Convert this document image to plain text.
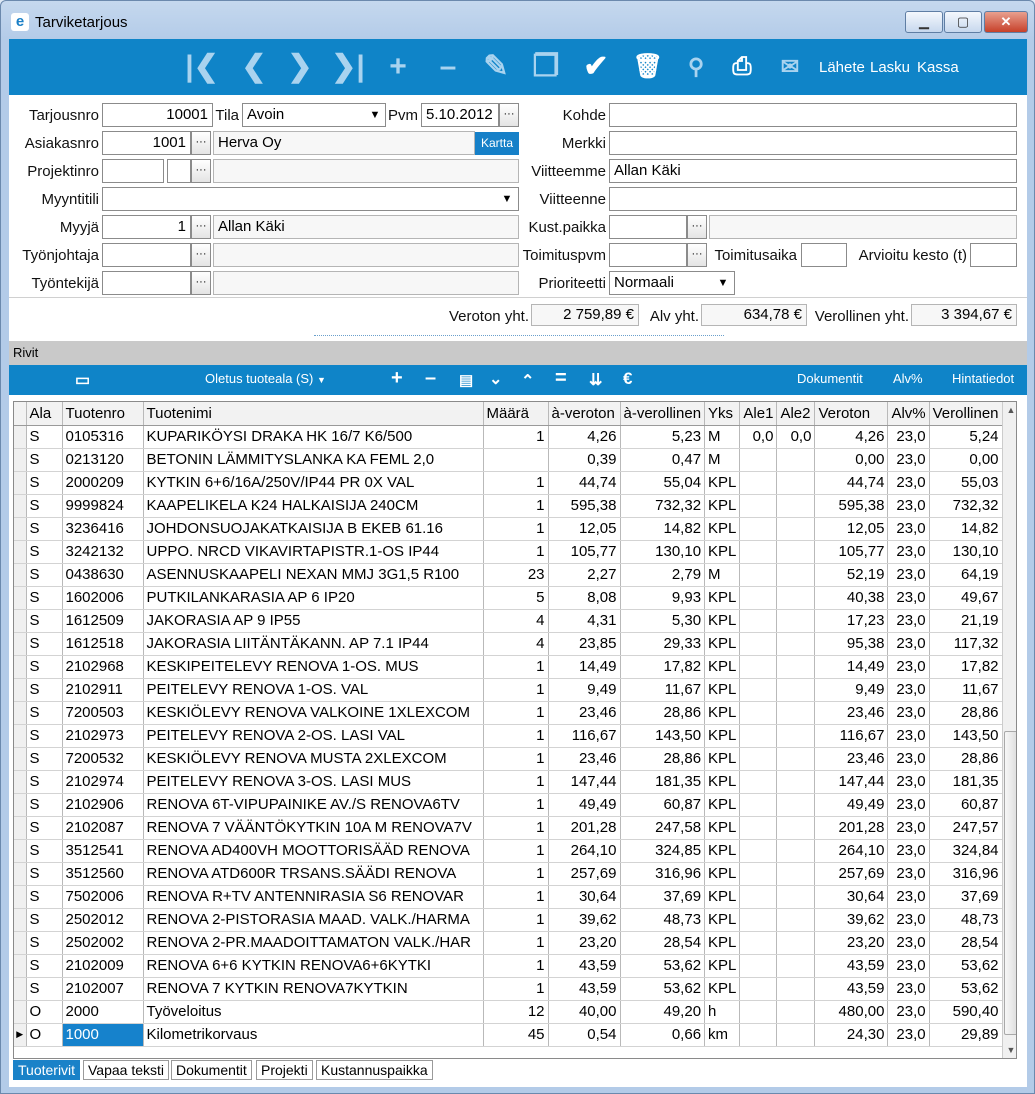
e Tarviketarjous	▁	▢	✕
|❮ ❮ ❯ ❯| + – ✎ ❐ ✔ 🗑	⚲	⎙	✉	Lähete Lasku Kassa
Tarjousnro	10001 Tila Avoin	▼ Pvm 5.10.2012 ···
Asiakasnro	1001 ··· Herva Oy	Kartta
Projektinro	···
Myyntitili	▼
Myyjä	1 ··· Allan Käki
Työnjohtaja	···
Työntekijä	···
Kohde
Merkki
Viitteemme Allan Käki
Viitteenne
Kust.paikka	···
Toimituspvm	··· Toimitusaika	Arvioitu kesto (t)
Prioriteetti Normaali	▼
Veroton yht.	2 759,89 €	Alv yht.	634,78 € Verollinen yht.	3 394,67 €
Rivit
▭	Oletus tuoteala (S) ▼	+ – ▤ ⌄ ⌃ = ⇊ €	Dokumentit Alv% Hintatiedot
	Ala	Tuotenro	Tuotenimi	Määrä	à-veroton	à-verollinen	Yks	Ale1	Ale2	Veroton	Alv%	Verollinen
	S	0105316	KUPARIKÖYSI DRAKA HK 16/7 K6/500	1	4,26	5,23	M	0,0	0,0	4,26	23,0	5,24
	S	0213120	BETONIN LÄMMITYSLANKA KA FEML 2,0		0,39	0,47	M			0,00	23,0	0,00
	S	2000209	KYTKIN 6+6/16A/250V/IP44 PR 0X VAL	1	44,74	55,04	KPL			44,74	23,0	55,03
	S	9999824	KAAPELIKELA K24 HALKAISIJA 240CM	1	595,38	732,32	KPL			595,38	23,0	732,32
	S	3236416	JOHDONSUOJAKATKAISIJA B EKEB 61.16	1	12,05	14,82	KPL			12,05	23,0	14,82
	S	3242132	UPPO. NRCD VIKAVIRTAPISTR.1-OS IP44	1	105,77	130,10	KPL			105,77	23,0	130,10
	S	0438630	ASENNUSKAAPELI NEXAN MMJ 3G1,5 R100	23	2,27	2,79	M			52,19	23,0	64,19
	S	1602006	PUTKILANKARASIA AP 6 IP20	5	8,08	9,93	KPL			40,38	23,0	49,67
	S	1612509	JAKORASIA AP 9 IP55	4	4,31	5,30	KPL			17,23	23,0	21,19
	S	1612518	JAKORASIA LIITÄNTÄKANN. AP 7.1 IP44	4	23,85	29,33	KPL			95,38	23,0	117,32
	S	2102968	KESKIPEITELEVY RENOVA 1-OS. MUS	1	14,49	17,82	KPL			14,49	23,0	17,82
	S	2102911	PEITELEVY RENOVA 1-OS. VAL	1	9,49	11,67	KPL			9,49	23,0	11,67
	S	7200503	KESKIÖLEVY RENOVA VALKOINE 1XLEXCOM	1	23,46	28,86	KPL			23,46	23,0	28,86
	S	2102973	PEITELEVY RENOVA 2-OS. LASI VAL	1	116,67	143,50	KPL			116,67	23,0	143,50
	S	7200532	KESKIÖLEVY RENOVA MUSTA 2XLEXCOM	1	23,46	28,86	KPL			23,46	23,0	28,86
	S	2102974	PEITELEVY RENOVA 3-OS. LASI MUS	1	147,44	181,35	KPL			147,44	23,0	181,35
	S	2102906	RENOVA 6T-VIPUPAINIKE AV./S RENOVA6TV	1	49,49	60,87	KPL			49,49	23,0	60,87
	S	2102087	RENOVA 7 VÄÄNTÖKYTKIN 10A M RENOVA7V	1	201,28	247,58	KPL			201,28	23,0	247,57
	S	3512541	RENOVA AD400VH MOOTTORISÄÄD RENOVA	1	264,10	324,85	KPL			264,10	23,0	324,84
	S	3512560	RENOVA ATD600R TRSANS.SÄÄDI RENOVA	1	257,69	316,96	KPL			257,69	23,0	316,96
	S	7502006	RENOVA R+TV ANTENNIRASIA S6 RENOVAR	1	30,64	37,69	KPL			30,64	23,0	37,69
	S	2502012	RENOVA 2-PISTORASIA MAAD. VALK./HARMA	1	39,62	48,73	KPL			39,62	23,0	48,73
	S	2502002	RENOVA 2-PR.MAADOITTAMATON VALK./HAR	1	23,20	28,54	KPL			23,20	23,0	28,54
	S	2102009	RENOVA 6+6 KYTKIN RENOVA6+6KYTKI	1	43,59	53,62	KPL			43,59	23,0	53,62
	S	2102007	RENOVA 7 KYTKIN RENOVA7KYTKIN	1	43,59	53,62	KPL			43,59	23,0	53,62
	O	2000	Työveloitus	12	40,00	49,20	h			480,00	23,0	590,40
▶	O	1000	Kilometrikorvaus	45	0,54	0,66	km			24,30	23,0	29,89
▲
▼
Tuoterivit Vapaa teksti Dokumentit	Projekti Kustannuspaikka
